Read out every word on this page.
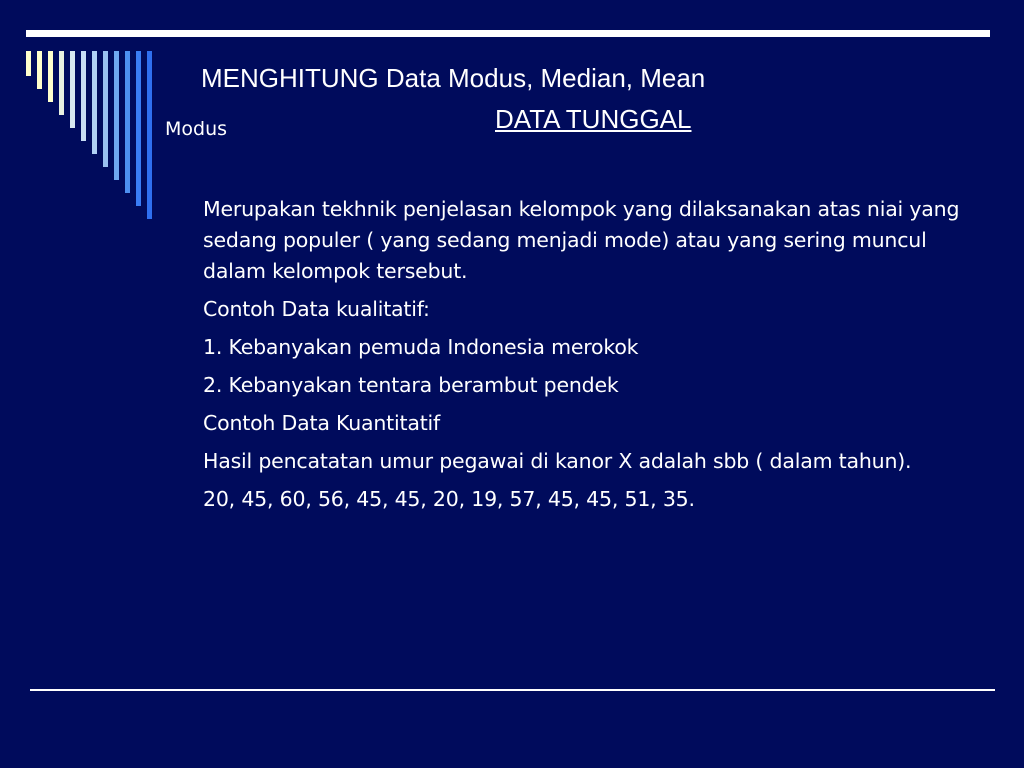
MENGHITUNG Data Modus, Median, Mean
DATA TUNGGAL
Modus

Merupakan tekhnik penjelasan kelompok yang dilaksanakan atas niai yang sedang populer ( yang sedang menjadi mode) atau yang sering muncul dalam kelompok tersebut.

Contoh Data kualitatif:

1. Kebanyakan pemuda Indonesia merokok

2. Kebanyakan tentara berambut pendek

Contoh Data Kuantitatif

Hasil pencatatan umur pegawai di kanor X adalah sbb ( dalam tahun).

20, 45, 60, 56, 45, 45, 20, 19, 57, 45, 45, 51, 35.
